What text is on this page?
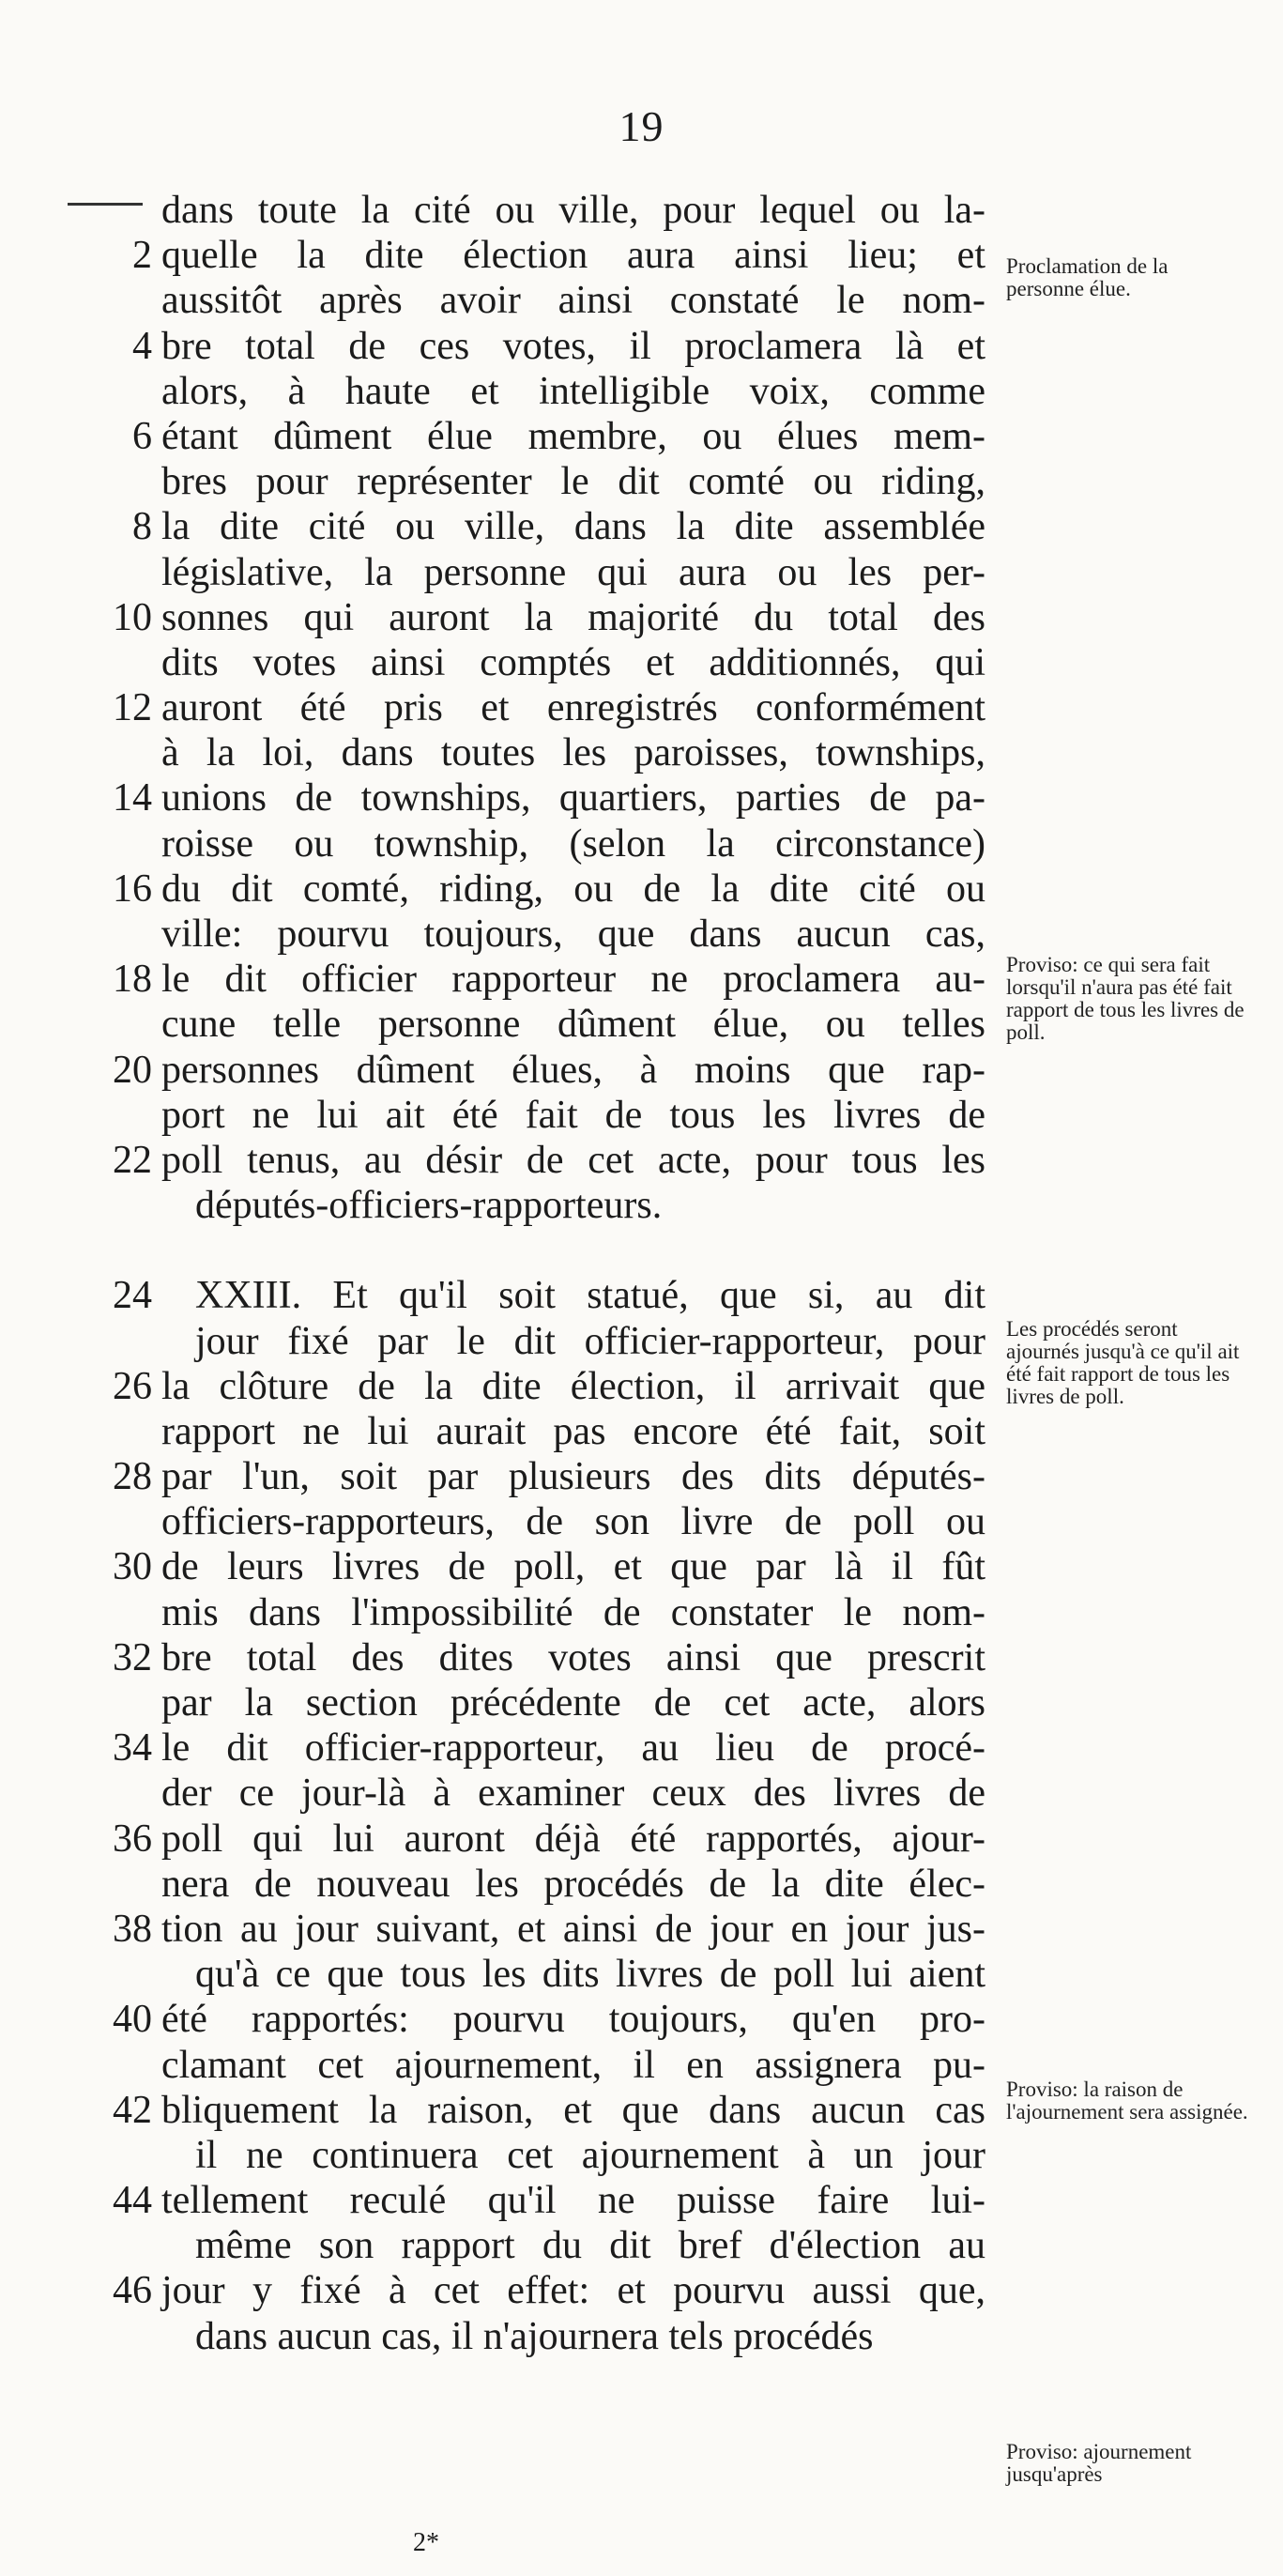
19
dans toute la cité ou ville, pour lequel ou la-
2 quelle la dite élection aura ainsi lieu; et
aussitôt après avoir ainsi constaté le nom-
4 bre total de ces votes, il proclamera là et
alors, à haute et intelligible voix, comme
6 étant dûment élue membre, ou élues mem-
bres pour représenter le dit comté ou riding,
8 la dite cité ou ville, dans la dite assemblée
législative, la personne qui aura ou les per-
10 sonnes qui auront la majorité du total des
dits votes ainsi comptés et additionnés, qui
12 auront été pris et enregistrés conformément
à la loi, dans toutes les paroisses, townships,
14 unions de townships, quartiers, parties de pa-
roisse ou township, (selon la circonstance)
16 du dit comté, riding, ou de la dite cité ou
ville: pourvu toujours, que dans aucun cas,
18 le dit officier rapporteur ne proclamera au-
cune telle personne dûment élue, ou telles
20 personnes dûment élues, à moins que rap-
port ne lui ait été fait de tous les livres de
22 poll tenus, au désir de cet acte, pour tous les
députés-officiers-rapporteurs.
24 XXIII. Et qu'il soit statué, que si, au dit
jour fixé par le dit officier-rapporteur, pour
26 la clôture de la dite élection, il arrivait que
rapport ne lui aurait pas encore été fait, soit
28 par l'un, soit par plusieurs des dits députés-
officiers-rapporteurs, de son livre de poll ou
30 de leurs livres de poll, et que par là il fût
mis dans l'impossibilité de constater le nom-
32 bre total des dites votes ainsi que prescrit
par la section précédente de cet acte, alors
34 le dit officier-rapporteur, au lieu de procé-
der ce jour-là à examiner ceux des livres de
36 poll qui lui auront déjà été rapportés, ajour-
nera de nouveau les procédés de la dite élec-
38 tion au jour suivant, et ainsi de jour en jour jus-
qu'à ce que tous les dits livres de poll lui aient
40 été rapportés: pourvu toujours, qu'en pro-
clamant cet ajournement, il en assignera pu-
42 bliquement la raison, et que dans aucun cas
il ne continuera cet ajournement à un jour
44 tellement reculé qu'il ne puisse faire lui-
même son rapport du dit bref d'élection au
46 jour y fixé à cet effet: et pourvu aussi que,
dans aucun cas, il n'ajournera tels procédés
Proclamation de la personne élue.
Proviso: ce qui sera fait lorsqu'il n'aura pas été fait rapport de tous les livres de poll.
Les procédés seront ajournés jusqu'à ce qu'il ait été fait rapport de tous les livres de poll.
Proviso: la raison de l'ajournement sera assignée.
Proviso: ajournement jusqu'après
2*
